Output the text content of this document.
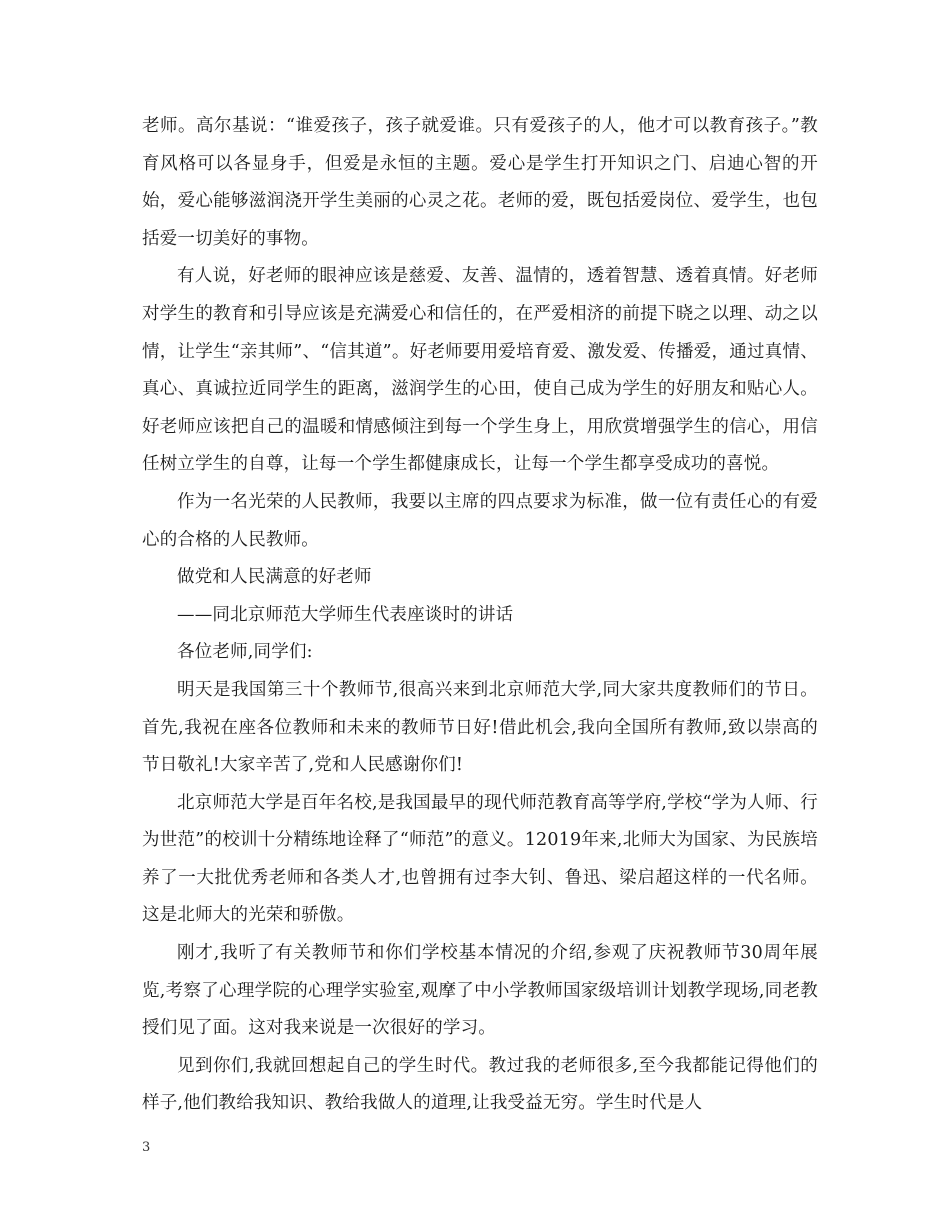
老师。高尔基说：“谁爱孩子，孩子就爱谁。只有爱孩子的人，他才可以教育孩子。”教育风格可以各显身手，但爱是永恒的主题。爱心是学生打开知识之门、启迪心智的开始，爱心能够滋润浇开学生美丽的心灵之花。老师的爱，既包括爱岗位、爱学生，也包括爱一切美好的事物。

有人说，好老师的眼神应该是慈爱、友善、温情的，透着智慧、透着真情。好老师对学生的教育和引导应该是充满爱心和信任的，在严爱相济的前提下晓之以理、动之以情，让学生“亲其师”、“信其道”。好老师要用爱培育爱、激发爱、传播爱，通过真情、真心、真诚拉近同学生的距离，滋润学生的心田，使自己成为学生的好朋友和贴心人。好老师应该把自己的温暖和情感倾注到每一个学生身上，用欣赏增强学生的信心，用信任树立学生的自尊，让每一个学生都健康成长，让每一个学生都享受成功的喜悦。

作为一名光荣的人民教师，我要以主席的四点要求为标准，做一位有责任心的有爱心的合格的人民教师。

做党和人民满意的好老师

——同北京师范大学师生代表座谈时的讲话

各位老师,同学们:

明天是我国第三十个教师节,很高兴来到北京师范大学,同大家共度教师们的节日。首先,我祝在座各位教师和未来的教师节日好!借此机会,我向全国所有教师,致以崇高的节日敬礼!大家辛苦了,党和人民感谢你们!

北京师范大学是百年名校,是我国最早的现代师范教育高等学府,学校“学为人师、行为世范”的校训十分精练地诠释了“师范”的意义。12019年来,北师大为国家、为民族培养了一大批优秀老师和各类人才,也曾拥有过李大钊、鲁迅、梁启超这样的一代名师。这是北师大的光荣和骄傲。

刚才,我听了有关教师节和你们学校基本情况的介绍,参观了庆祝教师节30周年展览,考察了心理学院的心理学实验室,观摩了中小学教师国家级培训计划教学现场,同老教授们见了面。这对我来说是一次很好的学习。

见到你们,我就回想起自己的学生时代。教过我的老师很多,至今我都能记得他们的样子,他们教给我知识、教给我做人的道理,让我受益无穷。学生时代是人

3
